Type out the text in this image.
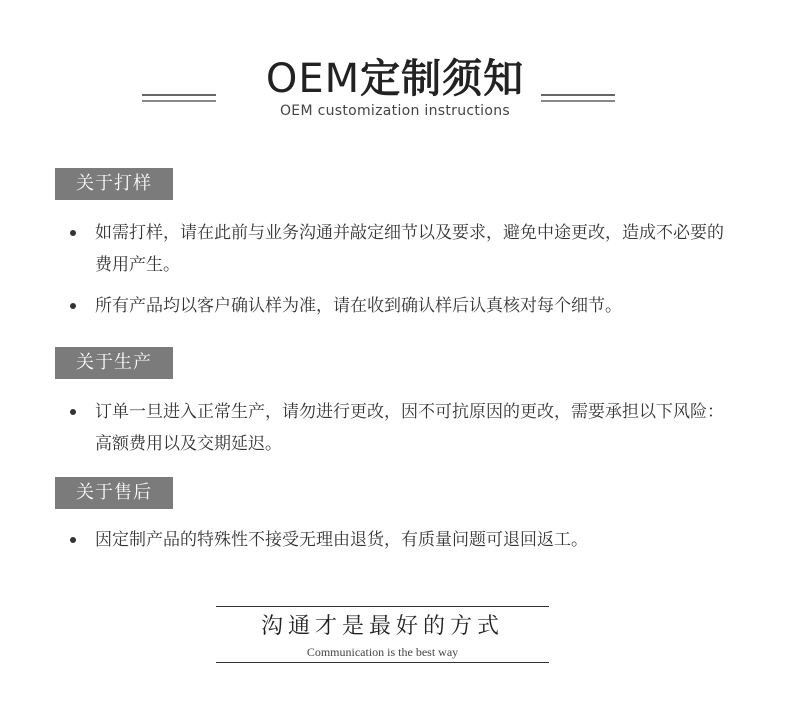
OEM定制须知
OEM customization instructions
关于打样
如需打样，请在此前与业务沟通并敲定细节以及要求，避免中途更改，造成不必要的费用产生。
所有产品均以客户确认样为准，请在收到确认样后认真核对每个细节。
关于生产
订单一旦进入正常生产，请勿进行更改，因不可抗原因的更改，需要承担以下风险：高额费用以及交期延迟。
关于售后
因定制产品的特殊性不接受无理由退货，有质量问题可退回返工。
沟通才是最好的方式
Communication is the best way
